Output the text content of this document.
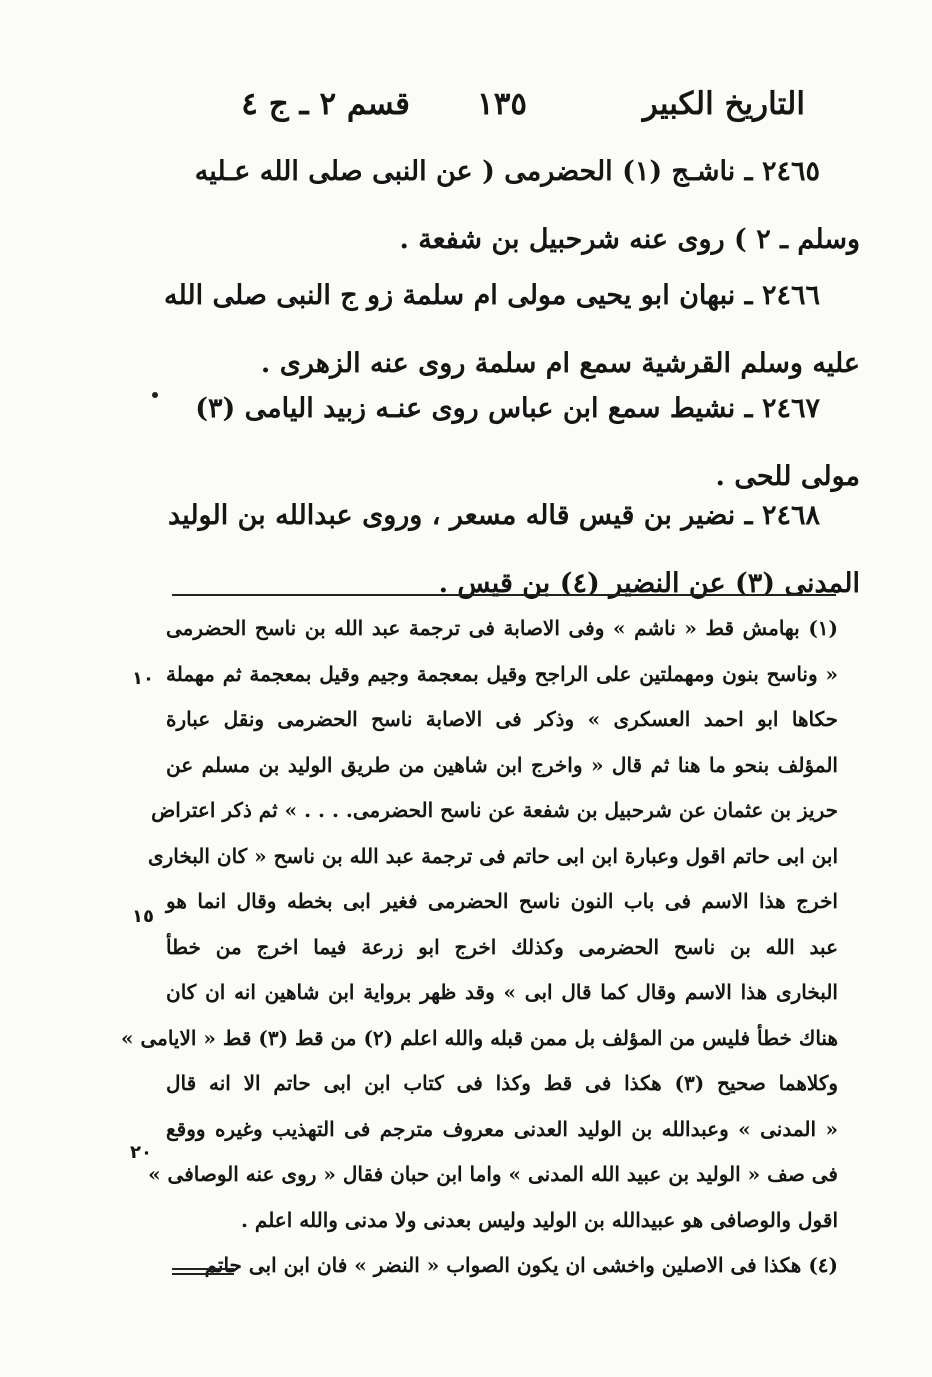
التاريخ الكبير
١٣٥
قسم ٢ ـ ج ٤
٢٤٦٥ ـ ناشـج (١) الحضرمى ( عن النبى صلى الله عـليه
وسلم ـ ٢ ) روى عنه شرحبيل بن شفعة .
٢٤٦٦ ـ نبهان ابو يحيى مولى ام سلمة زو ج النبى صلى الله
عليه وسلم القرشية سمع ام سلمة روى عنه الزهرى .
٢٤٦٧ ـ نشيط سمع ابن عباس روى عنـه زبيد اليامى (٣)
مولى للحى .
٢٤٦٨ ـ نضير بن قيس قاله مسعر ، وروى عبدالله بن الوليد
المدنى (٣) عن النضير (٤) بن قيس .
(١) بهامش قط « ناشم » وفى الاصابة فى ترجمة عبد الله بن ناسح الحضرمى
« وناسح بنون ومهملتين على الراجح وقيل بمعجمة وجيم وقيل بمعجمة ثم مهملة
حكاها ابو احمد العسكرى » وذكر فى الاصابة ناسح الحضرمى ونقل عبارة
المؤلف بنحو ما هنا ثم قال « واخرج ابن شاهين من طريق الوليد بن مسلم عن
حريز بن عثمان عن شرحبيل بن شفعة عن ناسح الحضرمى. . . . » ثم ذكر اعتراض
ابن ابى حاتم اقول وعبارة ابن ابى حاتم فى ترجمة عبد الله بن ناسح « كان البخارى
اخرج هذا الاسم فى باب النون ناسح الحضرمى فغير ابى بخطه وقال انما هو
عبد الله بن ناسح الحضرمى وكذلك اخرج ابو زرعة فيما اخرج من خطأ
البخارى هذا الاسم وقال كما قال ابى » وقد ظهر برواية ابن شاهين انه ان كان
هناك خطأ فليس من المؤلف بل ممن قبله والله اعلم (٢) من قط (٣) قط « الايامى »
وكلاهما صحيح (٣) هكذا فى قط وكذا فى كتاب ابن ابى حاتم الا انه قال
« المدنى » وعبدالله بن الوليد العدنى معروف مترجم فى التهذيب وغيره ووقع
فى صف « الوليد بن عبيد الله المدنى » واما ابن حبان فقال « روى عنه الوصافى »
اقول والوصافى هو عبيدالله بن الوليد وليس بعدنى ولا مدنى والله اعلم .
(٤) هكذا فى الاصلين واخشى ان يكون الصواب « النضر » فان ابن ابى حاتم
١٠
١٥
٢٠
